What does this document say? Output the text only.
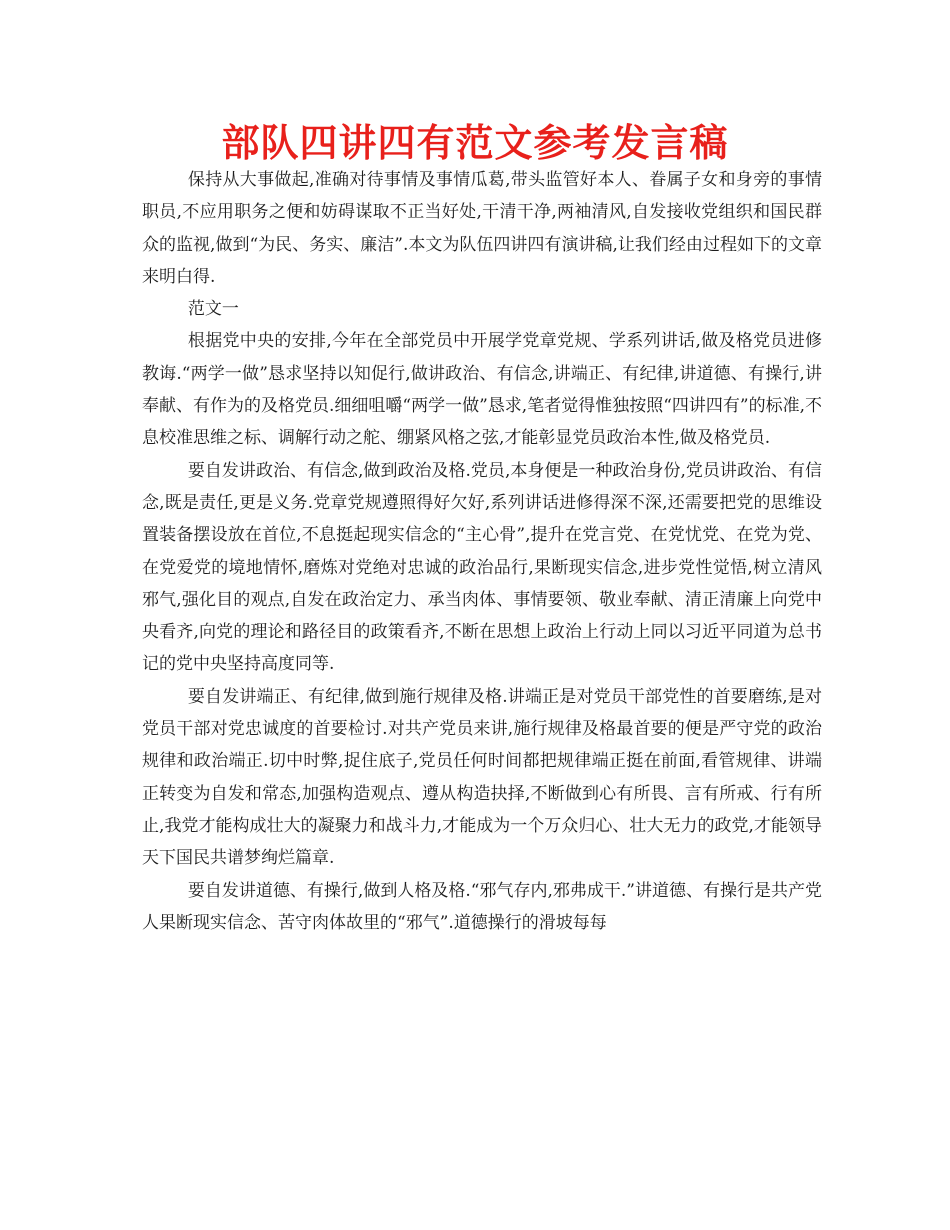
部队四讲四有范文参考发言稿

保持从大事做起,准确对待事情及事情瓜葛,带头监管好本人、眷属子女和身旁的事情职员,不应用职务之便和妨碍谋取不正当好处,干清干净,两袖清风,自发接收党组织和国民群众的监视,做到“为民、务实、廉洁”.本文为队伍四讲四有演讲稿,让我们经由过程如下的文章来明白得.

范文一

根据党中央的安排,今年在全部党员中开展学党章党规、学系列讲话,做及格党员进修教诲.“两学一做”恳求坚持以知促行,做讲政治、有信念,讲端正、有纪律,讲道德、有操行,讲奉献、有作为的及格党员.细细咀嚼“两学一做”恳求,笔者觉得惟独按照“四讲四有”的标准,不息校准思维之标、调解行动之舵、绷紧风格之弦,才能彰显党员政治本性,做及格党员.

要自发讲政治、有信念,做到政治及格.党员,本身便是一种政治身份,党员讲政治、有信念,既是责任,更是义务.党章党规遵照得好欠好,系列讲话进修得深不深,还需要把党的思维设置装备摆设放在首位,不息挺起现实信念的“主心骨”,提升在党言党、在党忧党、在党为党、在党爱党的境地情怀,磨炼对党绝对忠诚的政治品行,果断现实信念,进步党性觉悟,树立清风邪气,强化目的观点,自发在政治定力、承当肉体、事情要领、敬业奉献、清正清廉上向党中央看齐,向党的理论和路径目的政策看齐,不断在思想上政治上行动上同以习近平同道为总书记的党中央坚持高度同等.

要自发讲端正、有纪律,做到施行规律及格.讲端正是对党员干部党性的首要磨练,是对党员干部对党忠诚度的首要检讨.对共产党员来讲,施行规律及格最首要的便是严守党的政治规律和政治端正.切中时弊,捉住底子,党员任何时间都把规律端正挺在前面,看管规律、讲端正转变为自发和常态,加强构造观点、遵从构造抉择,不断做到心有所畏、言有所戒、行有所止,我党才能构成壮大的凝聚力和战斗力,才能成为一个万众归心、壮大无力的政党,才能领导天下国民共谱梦绚烂篇章.

要自发讲道德、有操行,做到人格及格.“邪气存内,邪弗成干.”讲道德、有操行是共产党人果断现实信念、苦守肉体故里的“邪气”.道德操行的滑坡每每
